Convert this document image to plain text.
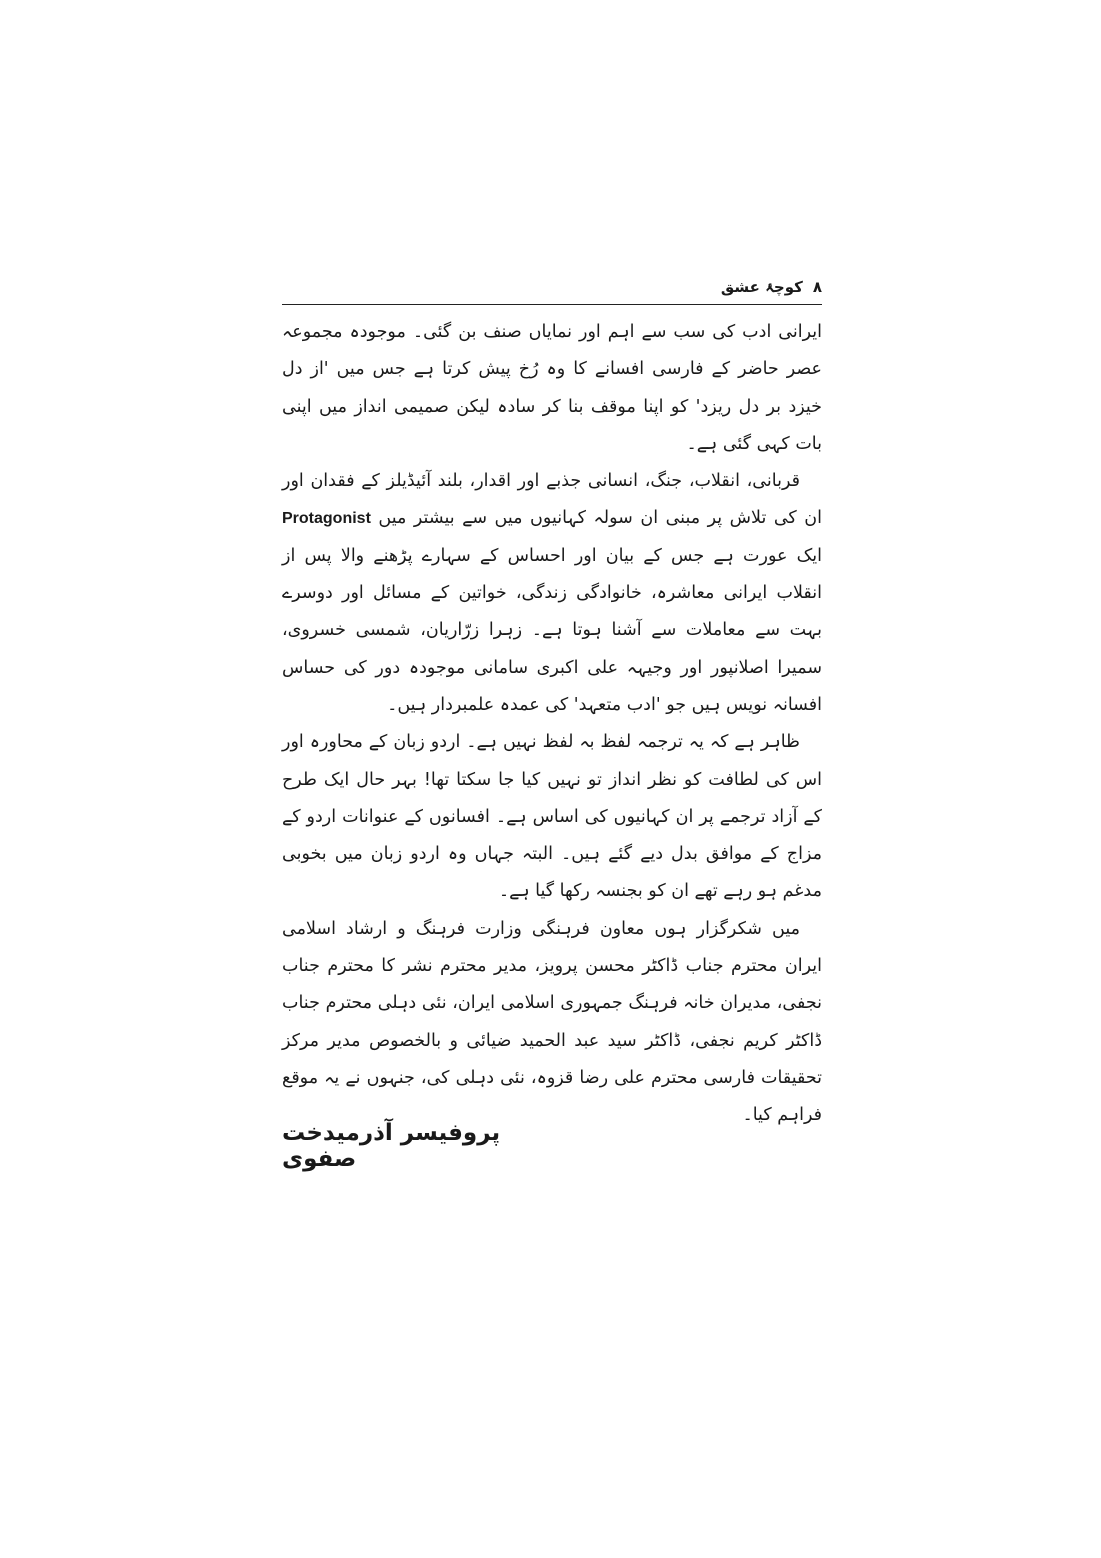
۸
کوچۂ عشق

ایرانی ادب کی سب سے اہم اور نمایاں صنف بن گئی۔ موجودہ مجموعہ عصر حاضر کے فارسی افسانے کا وہ رُخ پیش کرتا ہے جس میں 'از دل خیزد بر دل ریزد' کو اپنا موقف بنا کر سادہ لیکن صمیمی انداز میں اپنی بات کہی گئی ہے۔

قربانی، انقلاب، جنگ، انسانی جذبے اور اقدار، بلند آئیڈیلز کے فقدان اور ان کی تلاش پر مبنی ان سولہ کہانیوں میں سے بیشتر میں Protagonist ایک عورت ہے جس کے بیان اور احساس کے سہارے پڑھنے والا پس از انقلاب ایرانی معاشرہ، خانوادگی زندگی، خواتین کے مسائل اور دوسرے بہت سے معاملات سے آشنا ہوتا ہے۔ زہرا زرّاریان، شمسی خسروی، سمیرا اصلانپور اور وجیہہ علی اکبری سامانی موجودہ دور کی حساس افسانہ نویس ہیں جو 'ادب متعہد' کی عمدہ علمبردار ہیں۔

ظاہر ہے کہ یہ ترجمہ لفظ بہ لفظ نہیں ہے۔ اردو زبان کے محاورہ اور اس کی لطافت کو نظر انداز تو نہیں کیا جا سکتا تھا! بہر حال ایک طرح کے آزاد ترجمے پر ان کہانیوں کی اساس ہے۔ افسانوں کے عنوانات اردو کے مزاج کے موافق بدل دیے گئے ہیں۔ البتہ جہاں وہ اردو زبان میں بخوبی مدغم ہو رہے تھے ان کو بجنسہ رکھا گیا ہے۔

میں شکرگزار ہوں معاون فرہنگی وزارت فرہنگ و ارشاد اسلامی ایران محترم جناب ڈاکٹر محسن پرویز، مدیر محترم نشر کا محترم جناب نجفی، مدیران خانہ فرہنگ جمہوری اسلامی ایران، نئی دہلی محترم جناب ڈاکٹر کریم نجفی، ڈاکٹر سید عبد الحمید ضیائی و بالخصوص مدیر مرکز تحقیقات فارسی محترم علی رضا قزوہ، نئی دہلی کی، جنہوں نے یہ موقع فراہم کیا۔

پروفیسر آذرمیدخت صفوی
